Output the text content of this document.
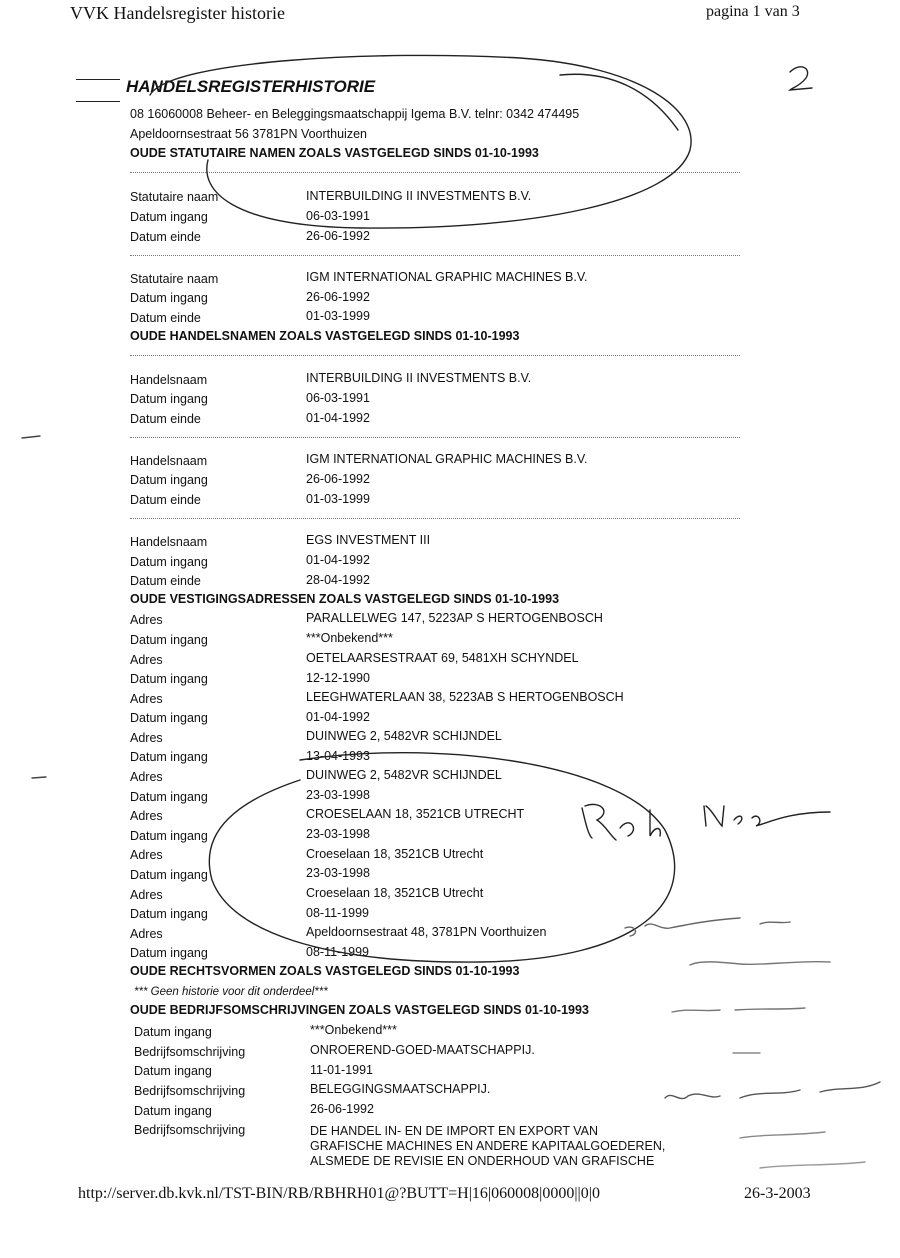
VVK Handelsregister historie	pagina 1 van 3
HANDELSREGISTERHISTORIE
08 16060008 Beheer- en Beleggingsmaatschappij Igema B.V. telnr: 0342 474495
Apeldoornsestraat 56 3781PN Voorthuizen
OUDE STATUTAIRE NAMEN ZOALS VASTGELEGD SINDS 01-10-1993
Statutaire naam	INTERBUILDING II INVESTMENTS B.V.
Datum ingang	06-03-1991
Datum einde	26-06-1992
Statutaire naam	IGM INTERNATIONAL GRAPHIC MACHINES B.V.
Datum ingang	26-06-1992
Datum einde	01-03-1999
OUDE HANDELSNAMEN ZOALS VASTGELEGD SINDS 01-10-1993
Handelsnaam	INTERBUILDING II INVESTMENTS B.V.
Datum ingang	06-03-1991
Datum einde	01-04-1992
Handelsnaam	IGM INTERNATIONAL GRAPHIC MACHINES B.V.
Datum ingang	26-06-1992
Datum einde	01-03-1999
Handelsnaam	EGS INVESTMENT III
Datum ingang	01-04-1992
Datum einde	28-04-1992
OUDE VESTIGINGSADRESSEN ZOALS VASTGELEGD SINDS 01-10-1993
Adres	PARALLELWEG 147, 5223AP S HERTOGENBOSCH
Datum ingang	***Onbekend***
Adres	OETELAARSESTRAAT 69, 5481XH SCHYNDEL
Datum ingang	12-12-1990
Adres	LEEGHWATERLAAN 38, 5223AB S HERTOGENBOSCH
Datum ingang	01-04-1992
Adres	DUINWEG 2, 5482VR SCHIJNDEL
Datum ingang	13-04-1993
Adres	DUINWEG 2, 5482VR SCHIJNDEL
Datum ingang	23-03-1998
Adres	CROESELAAN 18, 3521CB UTRECHT
Datum ingang	23-03-1998
Adres	Croeselaan 18, 3521CB Utrecht
Datum ingang	23-03-1998
Adres	Croeselaan 18, 3521CB Utrecht
Datum ingang	08-11-1999
Adres	Apeldoornsestraat 48, 3781PN Voorthuizen
Datum ingang	08-11-1999
OUDE RECHTSVORMEN ZOALS VASTGELEGD SINDS 01-10-1993
*** Geen historie voor dit onderdeel***
OUDE BEDRIJFSOMSCHRIJVINGEN ZOALS VASTGELEGD SINDS 01-10-1993
Datum ingang	***Onbekend***
Bedrijfsomschrijving	ONROEREND-GOED-MAATSCHAPPIJ.
Datum ingang	11-01-1991
Bedrijfsomschrijving	BELEGGINGSMAATSCHAPPIJ.
Datum ingang	26-06-1992
Bedrijfsomschrijving	DE HANDEL IN- EN DE IMPORT EN EXPORT VAN
GRAFISCHE MACHINES EN ANDERE KAPITAALGOEDEREN,
ALSMEDE DE REVISIE EN ONDERHOUD VAN GRAFISCHE
http://server.db.kvk.nl/TST-BIN/RB/RBHRH01@?BUTT=H|16|060008|0000||0|0	26-3-2003
